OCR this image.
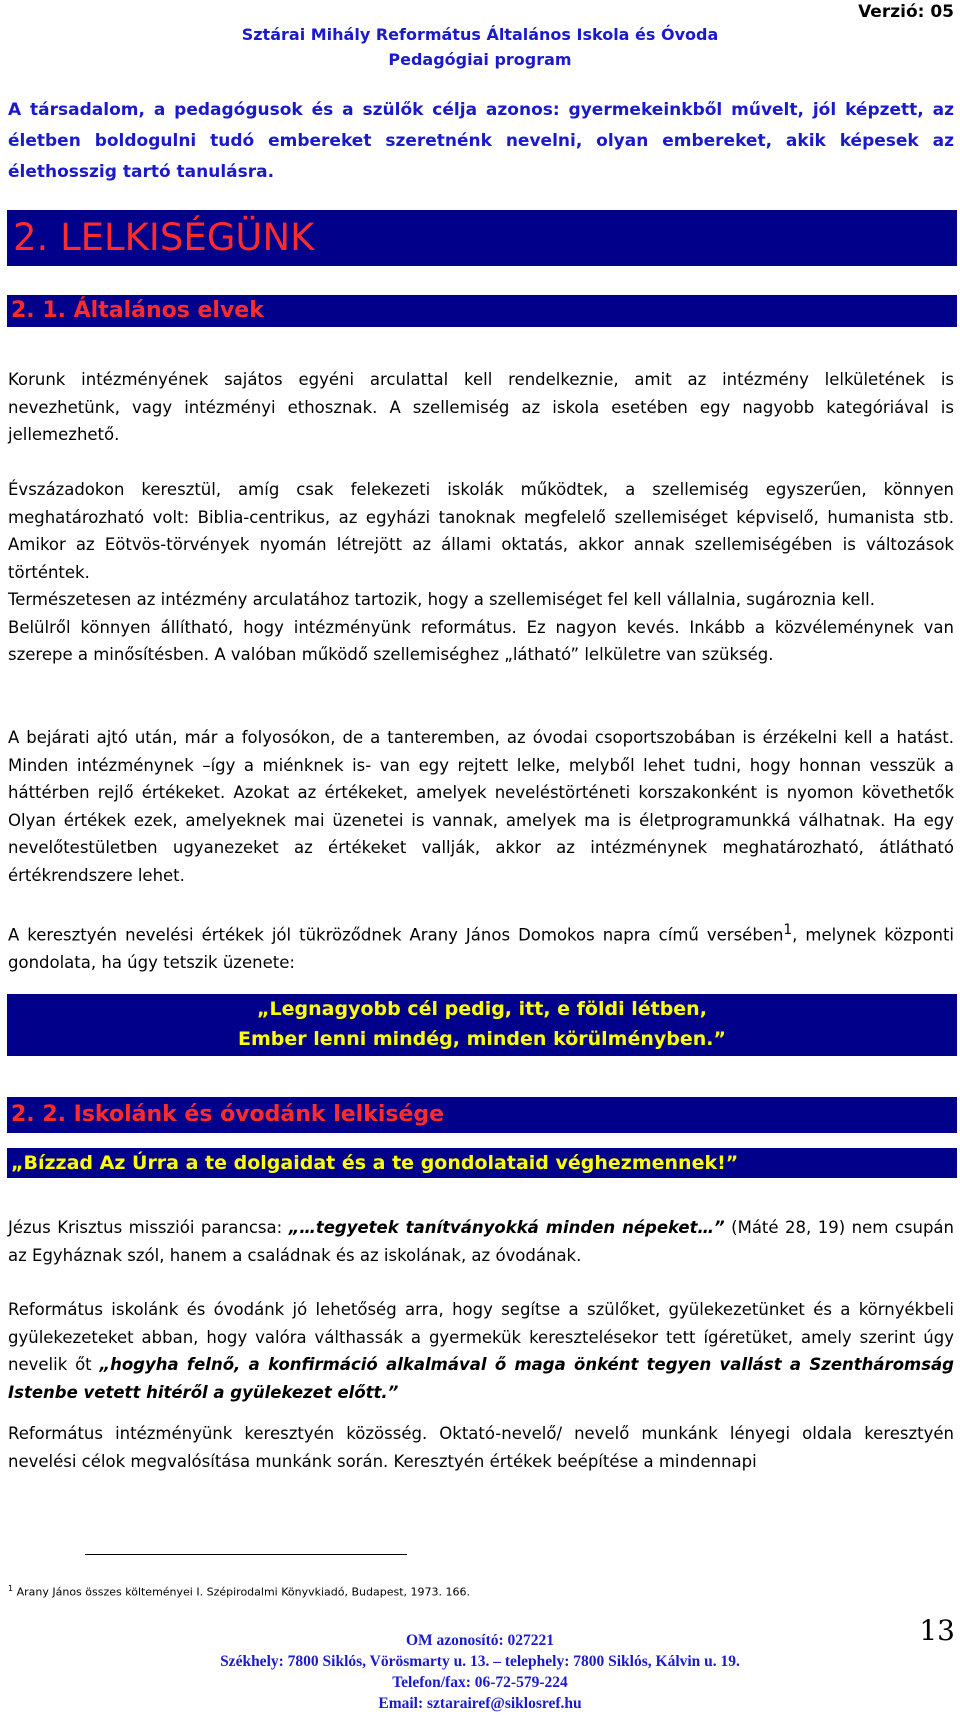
Verzió: 05
Sztárai Mihály Református Általános Iskola és Óvoda
Pedagógiai program
A társadalom, a pedagógusok és a szülők célja azonos: gyermekeinkből művelt, jól képzett, az életben boldogulni tudó embereket szeretnénk nevelni, olyan embereket, akik képesek az élethosszig tartó tanulásra.
2. LELKISÉGÜNK
2. 1. Általános elvek
Korunk intézményének sajátos egyéni arculattal kell rendelkeznie, amit az intézmény lelkületének is nevezhetünk, vagy intézményi ethosznak. A szellemiség az iskola esetében egy nagyobb kategóriával is jellemezhető.

Évszázadokon keresztül, amíg csak felekezeti iskolák működtek, a szellemiség egyszerűen, könnyen meghatározható volt: Biblia-centrikus, az egyházi tanoknak megfelelő szellemiséget képviselő, humanista stb. Amikor az Eötvös-törvények nyomán létrejött az állami oktatás, akkor annak szellemiségében is változások történtek.

Természetesen az intézmény arculatához tartozik, hogy a szellemiséget fel kell vállalnia, sugároznia kell.

Belülről könnyen állítható, hogy intézményünk református. Ez nagyon kevés. Inkább a közvéleménynek van szerepe a minősítésben. A valóban működő szellemiséghez „látható” lelkületre van szükség.

A bejárati ajtó után, már a folyosókon, de a tanteremben, az óvodai csoportszobában is érzékelni kell a hatást. Minden intézménynek –így a miénknek is- van egy rejtett lelke, melyből lehet tudni, hogy honnan vesszük a háttérben rejlő értékeket. Azokat az értékeket, amelyek neveléstörténeti korszakonként is nyomon követhetők Olyan értékek ezek, amelyeknek mai üzenetei is vannak, amelyek ma is életprogramunkká válhatnak. Ha egy nevelőtestületben ugyanezeket az értékeket vallják, akkor az intézménynek meghatározható, átlátható értékrendszere lehet.
A keresztyén nevelési értékek jól tükröződnek Arany János Domokos napra című versében$^1$, melynek központi gondolata, ha úgy tetszik üzenete:
„Legnagyobb cél pedig, itt, e földi létben,
Ember lenni mindég, minden körülményben.”
2. 2. Iskolánk és óvodánk lelkisége
„Bízzad Az Úrra a te dolgaidat és a te gondolataid véghezmennek!”
Jézus Krisztus missziói parancsa: „…tegyetek tanítványokká minden népeket…” (Máté 28, 19) nem csupán az Egyháznak szól, hanem a családnak és az iskolának, az óvodának.
Református iskolánk és óvodánk jó lehetőség arra, hogy segítse a szülőket, gyülekezetünket és a környékbeli gyülekezeteket abban, hogy valóra válthassák a gyermekük keresztelésekor tett ígéretüket, amely szerint úgy nevelik őt „hogyha felnő, a konfirmáció alkalmával ő maga önként tegyen vallást a Szentháromság Istenbe vetett hitéről a gyülekezet előtt.”
Református intézményünk keresztyén közösség. Oktató-nevelő/ nevelő munkánk lényegi oldala keresztyén nevelési célok megvalósítása munkánk során. Keresztyén értékek beépítése a mindennapi
$^1$ Arany János összes költeményei I. Szépirodalmi Könyvkiadó, Budapest, 1973. 166.
13
OM azonosító: 027221
Székhely: 7800 Siklós, Vörösmarty u. 13. – telephely: 7800 Siklós, Kálvin u. 19.
Telefon/fax: 06-72-579-224
Email: sztarairef@siklosref.hu
